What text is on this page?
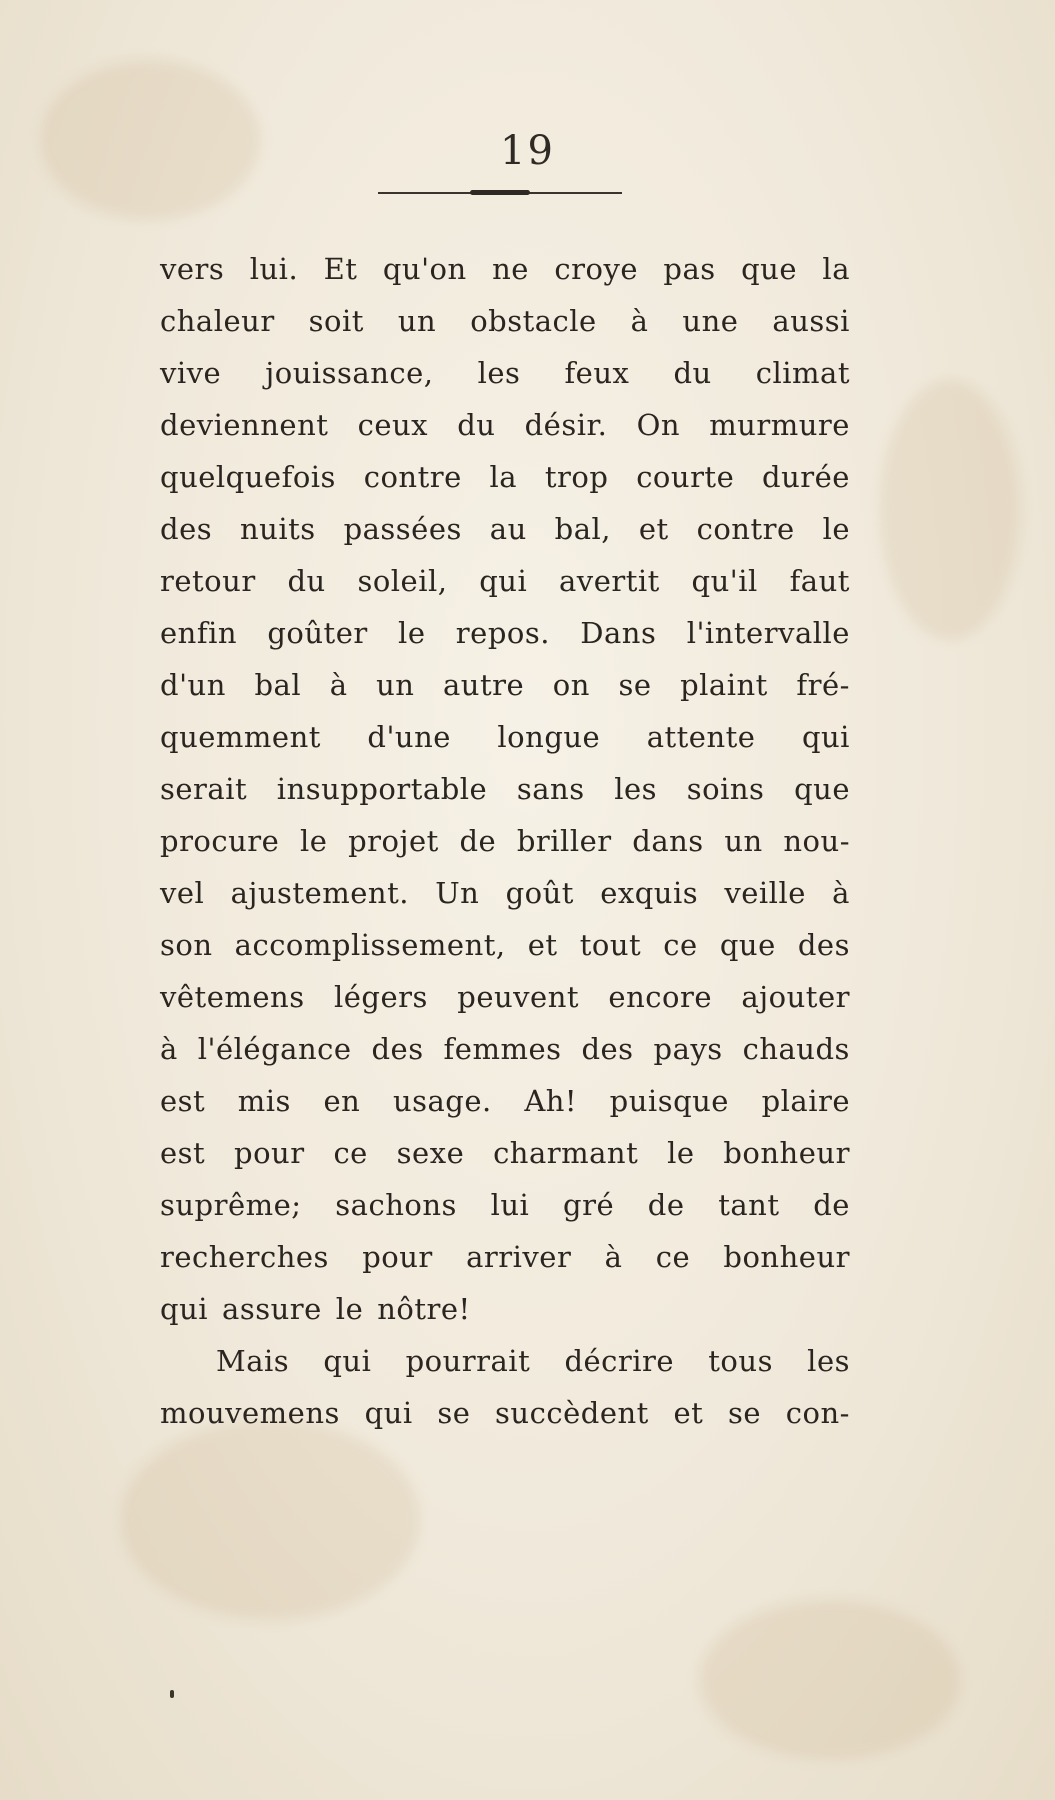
19
vers lui. Et qu'on ne croye pas que la
chaleur soit un obstacle à une aussi
vive jouissance, les feux du climat
deviennent ceux du désir. On murmure
quelquefois contre la trop courte durée
des nuits passées au bal, et contre le
retour du soleil, qui avertit qu'il faut
enfin goûter le repos. Dans l'intervalle
d'un bal à un autre on se plaint fré-
quemment d'une longue attente qui
serait insupportable sans les soins que
procure le projet de briller dans un nou-
vel ajustement. Un goût exquis veille à
son accomplissement, et tout ce que des
vêtemens légers peuvent encore ajouter
à l'élégance des femmes des pays chauds
est mis en usage. Ah! puisque plaire
est pour ce sexe charmant le bonheur
suprême; sachons lui gré de tant de
recherches pour arriver à ce bonheur
qui assure le nôtre!
Mais qui pourrait décrire tous les
mouvemens qui se succèdent et se con-
